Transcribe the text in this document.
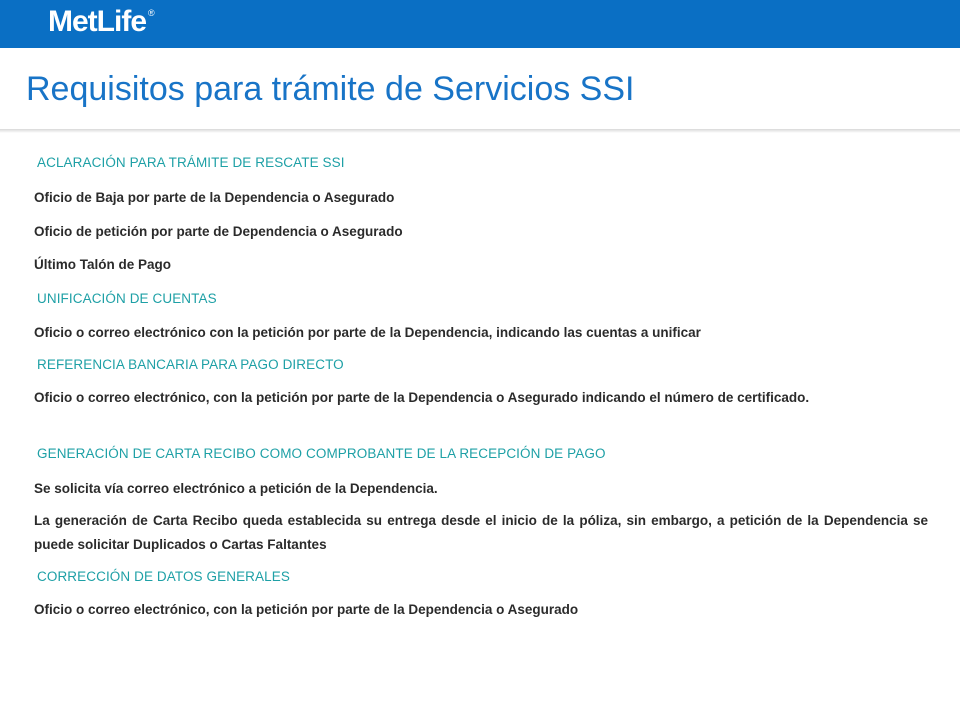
MetLife ®
Requisitos para trámite de Servicios SSI

ACLARACIÓN PARA TRÁMITE DE RESCATE SSI

Oficio de Baja por parte de la Dependencia o Asegurado

Oficio de petición por parte de Dependencia o Asegurado

Último Talón de Pago

UNIFICACIÓN DE CUENTAS

Oficio o correo electrónico con la petición por parte de la Dependencia, indicando las cuentas a unificar

REFERENCIA BANCARIA PARA PAGO DIRECTO

Oficio o correo electrónico, con la petición por parte de la Dependencia o Asegurado indicando el número de certificado.

GENERACIÓN DE CARTA RECIBO COMO COMPROBANTE DE LA RECEPCIÓN DE PAGO

Se solicita vía correo electrónico a petición de la Dependencia.

La generación de Carta Recibo queda establecida su entrega desde el inicio de la póliza, sin embargo, a petición de la Dependencia se puede solicitar Duplicados o Cartas Faltantes

CORRECCIÓN DE DATOS GENERALES

Oficio o correo electrónico, con la petición por parte de la Dependencia o Asegurado
